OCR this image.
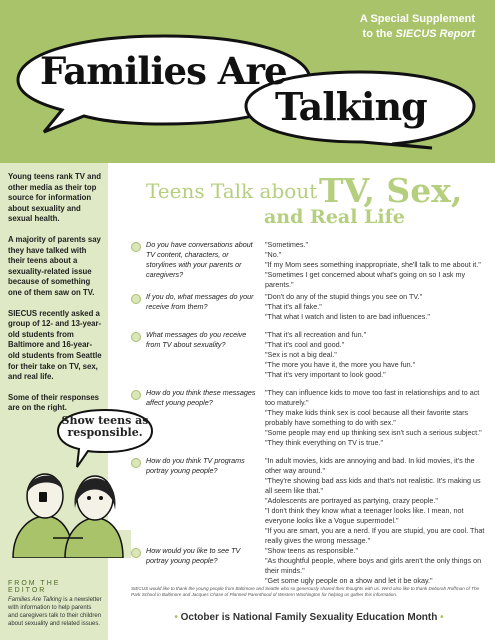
A Special Supplement
to the SIECUS Report
Families Are
Talking

Young teens rank TV and other media as their top source for information about sexuality and sexual health.

A majority of parents say they have talked with their teens about a sexuality-related issue because of something one of them saw on TV.

SIECUS recently asked a group of 12- and 13-year-old students from Baltimore and 16-year-old students from Seattle for their take on TV, sex, and real life.

Some of their responses are on the right.

Show teens as responsible.
FROM THE EDITOR
Families Are Talking is a newsletter with information to help parents and caregivers talk to their children about sexuality and related issues.
Teens Talk about TV, Sex,
and Real Life
Do you have conversations about TV content, characters, or storylines with your parents or caregivers?
"Sometimes."
"No."
"If my Mom sees something inappropriate, she'll talk to me about it."
"Sometimes I get concerned about what's going on so I ask my parents."
If you do, what messages do your receive from them?
"Don't do any of the stupid things you see on TV."
"That it's all fake."
"That what I watch and listen to are bad influences."
What messages do you receive from TV about sexuality?
"That it's all recreation and fun."
"That it's cool and good."
"Sex is not a big deal."
"The more you have it, the more you have fun."
"That it's very important to look good."
How do you think these messages affect young people?
"They can influence kids to move too fast in relationships and to act too maturely."
"They make kids think sex is cool because all their favorite stars probably have something to do with sex."
"Some people may end up thinking sex isn't such a serious subject."
"They think everything on TV is true."
How do you think TV programs portray young people?
"In adult movies, kids are annoying and bad. In kid movies, it's the other way around."
"They're showing bad ass kids and that's not realistic. It's making us all seem like that."
"Adolescents are portrayed as partying, crazy people."
"I don't think they know what a teenager looks like. I mean, not everyone looks like a Vogue supermodel."
"If you are smart, you are a nerd. If you are stupid, you are cool. That really gives the wrong message."
How would you like to see TV portray young people?
"Show teens as responsible."
"As thoughtful people, where boys and girls aren't the only things on their minds."
"Get some ugly people on a show and let it be okay."
SIECUS would like to thank the young people from Baltimore and Seattle who so generously shared their thoughts with us. We'd also like to thank Deborah Roffman of The Park School in Baltimore and Jacques Chase of Planned Parenthood of Western Washington for helping us gather this information.
• October is National Family Sexuality Education Month •
